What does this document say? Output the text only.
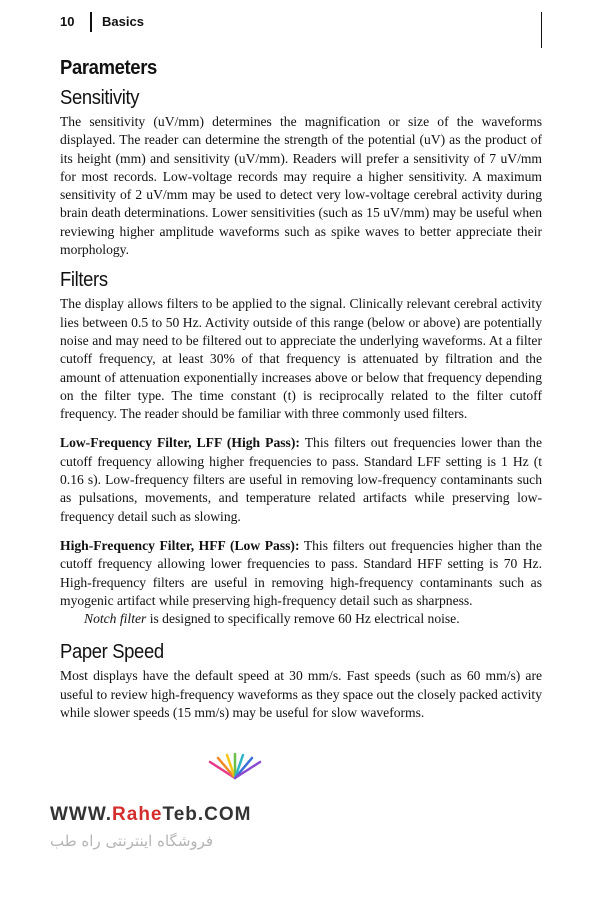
10 Basics
Parameters
Sensitivity

The sensitivity (uV/mm) determines the magnification or size of the waveforms displayed. The reader can determine the strength of the potential (uV) as the product of its height (mm) and sensitivity (uV/mm). Readers will prefer a sensitivity of 7 uV/mm for most records. Low-voltage records may require a higher sensitivity. A maximum sensitivity of 2 uV/mm may be used to detect very low-voltage cerebral activity during brain death determinations. Lower sensitivities (such as 15 uV/mm) may be useful when reviewing higher amplitude waveforms such as spike waves to better appreciate their morphology.

Filters

The display allows filters to be applied to the signal. Clinically relevant cerebral activity lies between 0.5 to 50 Hz. Activity outside of this range (below or above) are potentially noise and may need to be filtered out to appreciate the underlying waveforms. At a filter cutoff frequency, at least 30% of that frequency is attenuated by filtration and the amount of attenuation exponentially increases above or below that frequency depending on the filter type. The time constant (t) is reciprocally related to the filter cutoff frequency. The reader should be familiar with three commonly used filters.

Low-Frequency Filter, LFF (High Pass): This filters out frequencies lower than the cutoff frequency allowing higher frequencies to pass. Standard LFF setting is 1 Hz (t 0.16 s). Low-frequency filters are useful in removing low-frequency contaminants such as pulsations, movements, and temperature related artifacts while preserving low-frequency detail such as slowing.

High-Frequency Filter, HFF (Low Pass): This filters out frequencies higher than the cutoff frequency allowing lower frequencies to pass. Standard HFF setting is 70 Hz. High-frequency filters are useful in removing high-frequency contaminants such as myogenic artifact while preserving high-frequency detail such as sharpness.

Notch filter is designed to specifically remove 60 Hz electrical noise.

Paper Speed

Most displays have the default speed at 30 mm/s. Fast speeds (such as 60 mm/s) are useful to review high-frequency waveforms as they space out the closely packed activity while slower speeds (15 mm/s) may be useful for slow waveforms.

WWW.RaheTeb.COM
فروشگاه اینترنتی راه طب
